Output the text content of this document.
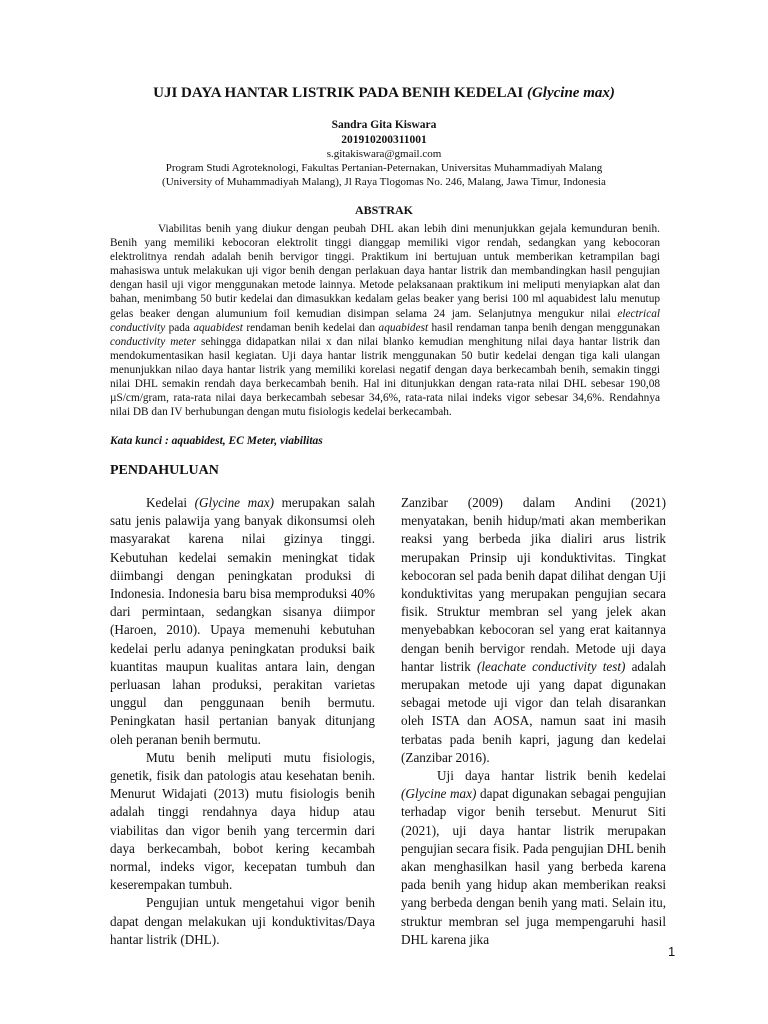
UJI DAYA HANTAR LISTRIK PADA BENIH KEDELAI (Glycine max)
Sandra Gita Kiswara
201910200311001
s.gitakiswara@gmail.com
Program Studi Agroteknologi, Fakultas Pertanian-Peternakan, Universitas Muhammadiyah Malang
(University of Muhammadiyah Malang), Jl Raya Tlogomas No. 246, Malang, Jawa Timur, Indonesia
ABSTRAK

Viabilitas benih yang diukur dengan peubah DHL akan lebih dini menunjukkan gejala kemunduran benih. Benih yang memiliki kebocoran elektrolit tinggi dianggap memiliki vigor rendah, sedangkan yang kebocoran elektrolitnya rendah adalah benih bervigor tinggi. Praktikum ini bertujuan untuk memberikan ketrampilan bagi mahasiswa untuk melakukan uji vigor benih dengan perlakuan daya hantar listrik dan membandingkan hasil pengujian dengan hasil uji vigor menggunakan metode lainnya. Metode pelaksanaan praktikum ini meliputi menyiapkan alat dan bahan, menimbang 50 butir kedelai dan dimasukkan kedalam gelas beaker yang berisi 100 ml aquabidest lalu menutup gelas beaker dengan alumunium foil kemudian disimpan selama 24 jam. Selanjutnya mengukur nilai electrical conductivity pada aquabidest rendaman benih kedelai dan aquabidest hasil rendaman tanpa benih dengan menggunakan conductivity meter sehingga didapatkan nilai x dan nilai blanko kemudian menghitung nilai daya hantar listrik dan mendokumentasikan hasil kegiatan. Uji daya hantar listrik menggunakan 50 butir kedelai dengan tiga kali ulangan menunjukkan nilao daya hantar listrik yang memiliki korelasi negatif dengan daya berkecambah benih, semakin tinggi nilai DHL semakin rendah daya berkecambah benih. Hal ini ditunjukkan dengan rata-rata nilai DHL sebesar 190,08 µS/cm/gram, rata-rata nilai daya berkecambah sebesar 34,6%, rata-rata nilai indeks vigor sebesar 34,6%. Rendahnya nilai DB dan IV berhubungan dengan mutu fisiologis kedelai berkecambah.

Kata kunci : aquabidest, EC Meter, viabilitas
PENDAHULUAN

Kedelai (Glycine max) merupakan salah satu jenis palawija yang banyak dikonsumsi oleh masyarakat karena nilai gizinya tinggi. Kebutuhan kedelai semakin meningkat tidak diimbangi dengan peningkatan produksi di Indonesia. Indonesia baru bisa memproduksi 40% dari permintaan, sedangkan sisanya diimpor (Haroen, 2010). Upaya memenuhi kebutuhan kedelai perlu adanya peningkatan produksi baik kuantitas maupun kualitas antara lain, dengan perluasan lahan produksi, perakitan varietas unggul dan penggunaan benih bermutu. Peningkatan hasil pertanian banyak ditunjang oleh peranan benih bermutu.

Mutu benih meliputi mutu fisiologis, genetik, fisik dan patologis atau kesehatan benih. Menurut Widajati (2013) mutu fisiologis benih adalah tinggi rendahnya daya hidup atau viabilitas dan vigor benih yang tercermin dari daya berkecambah, bobot kering kecambah normal, indeks vigor, kecepatan tumbuh dan keserempakan tumbuh.

Pengujian untuk mengetahui vigor benih dapat dengan melakukan uji konduktivitas/Daya hantar listrik (DHL).

Zanzibar (2009) dalam Andini (2021) menyatakan, benih hidup/mati akan memberikan reaksi yang berbeda jika dialiri arus listrik merupakan Prinsip uji konduktivitas. Tingkat kebocoran sel pada benih dapat dilihat dengan Uji konduktivitas yang merupakan pengujian secara fisik. Struktur membran sel yang jelek akan menyebabkan kebocoran sel yang erat kaitannya dengan benih bervigor rendah. Metode uji daya hantar listrik (leachate conductivity test) adalah merupakan metode uji yang dapat digunakan sebagai metode uji vigor dan telah disarankan oleh ISTA dan AOSA, namun saat ini masih terbatas pada benih kapri, jagung dan kedelai (Zanzibar 2016).

Uji daya hantar listrik benih kedelai (Glycine max) dapat digunakan sebagai pengujian terhadap vigor benih tersebut. Menurut Siti (2021), uji daya hantar listrik merupakan pengujian secara fisik. Pada pengujian DHL benih akan menghasilkan hasil yang berbeda karena pada benih yang hidup akan memberikan reaksi yang berbeda dengan benih yang mati. Selain itu, struktur membran sel juga mempengaruhi hasil DHL karena jika

1
